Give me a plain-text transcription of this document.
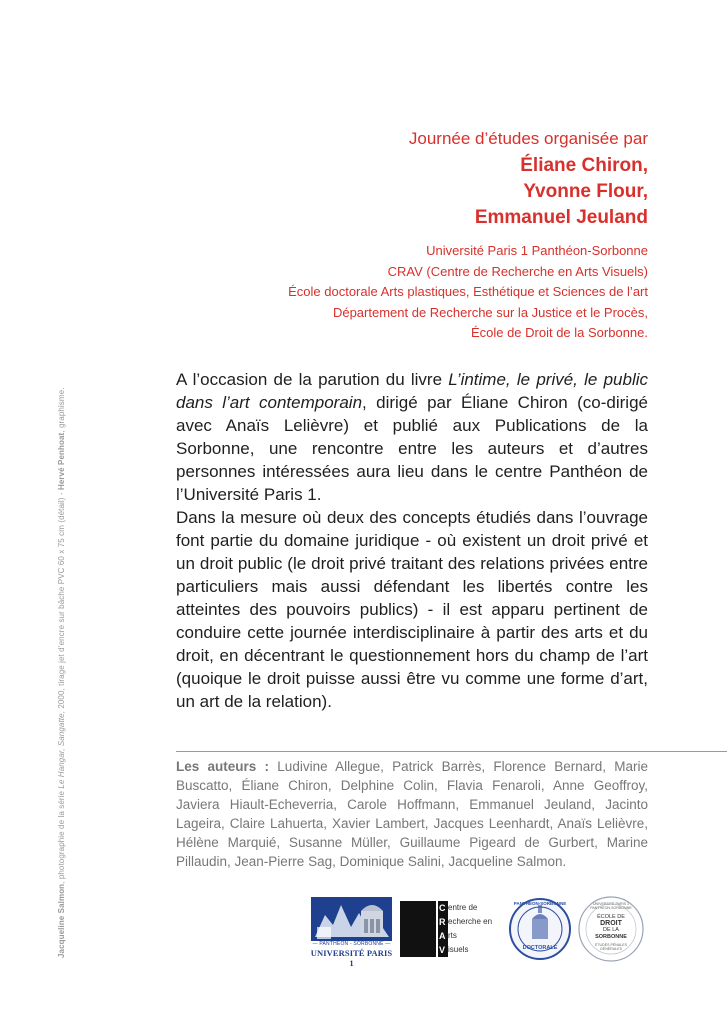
Journée d’études organisée par
Éliane Chiron,
Yvonne Flour,
Emmanuel Jeuland
Université Paris 1 Panthéon-Sorbonne
CRAV (Centre de Recherche en Arts Visuels)
École doctorale Arts plastiques, Esthétique et Sciences de l’art
Département de Recherche sur la Justice et le Procès,
École de Droit de la Sorbonne.
Jacqueline Salmon, photographie de la série Le Hangar, Sangatte, 2000, tirage jet d’encre sur bâche PVC 60 x 75 cm (détail) - Hervé Penhoat, graphisme.

A l’occasion de la parution du livre L’intime, le privé, le public dans l’art contemporain, dirigé par Éliane Chiron (co-dirigé avec Anaïs Lelièvre) et publié aux Publications de la Sorbonne, une rencontre entre les auteurs et d’autres personnes intéressées aura lieu dans le centre Panthéon de l’Université Paris 1.

Dans la mesure où deux des concepts étudiés dans l’ouvrage font partie du domaine juridique - où existent un droit privé et un droit public (le droit privé traitant des relations privées entre particuliers mais aussi défendant les libertés contre les atteintes des pouvoirs publics) - il est apparu pertinent de conduire cette journée interdisciplinaire à partir des arts et du droit, en décentrant le questionnement hors du champ de l’art (quoique le droit puisse aussi être vu comme une forme d’art, un art de la relation).

Les auteurs : Ludivine Allegue, Patrick Barrès, Florence Bernard, Marie Buscatto, Éliane Chiron, Delphine Colin, Flavia Fenaroli, Anne Geoffroy, Javiera Hiault-Echeverria, Carole Hoffmann, Emmanuel Jeuland, Jacinto Lageira, Claire Lahuerta, Xavier Lambert, Jacques Leenhardt, Anaïs Lelièvre, Hélène Marquié, Susanne Müller, Guillaume Pigeard de Gurbert, Marine Pillaudin, Jean-Pierre Sag, Dominique Salini, Jacqueline Salmon.
— PANTHÉON - SORBONNE —
UNIVERSITÉ PARIS 1
C
R
A
V
entre de
echerche en
rts
isuels
PANTHÉON-SORBONNE
DOCTORALE
UNIVERSITÉ PARIS 1 PANTHÉON-SORBONNE
ÉCOLE DE
DROIT
DE LA
SORBONNE
ÉTUDES PÉNALES GÉNÉRALES
